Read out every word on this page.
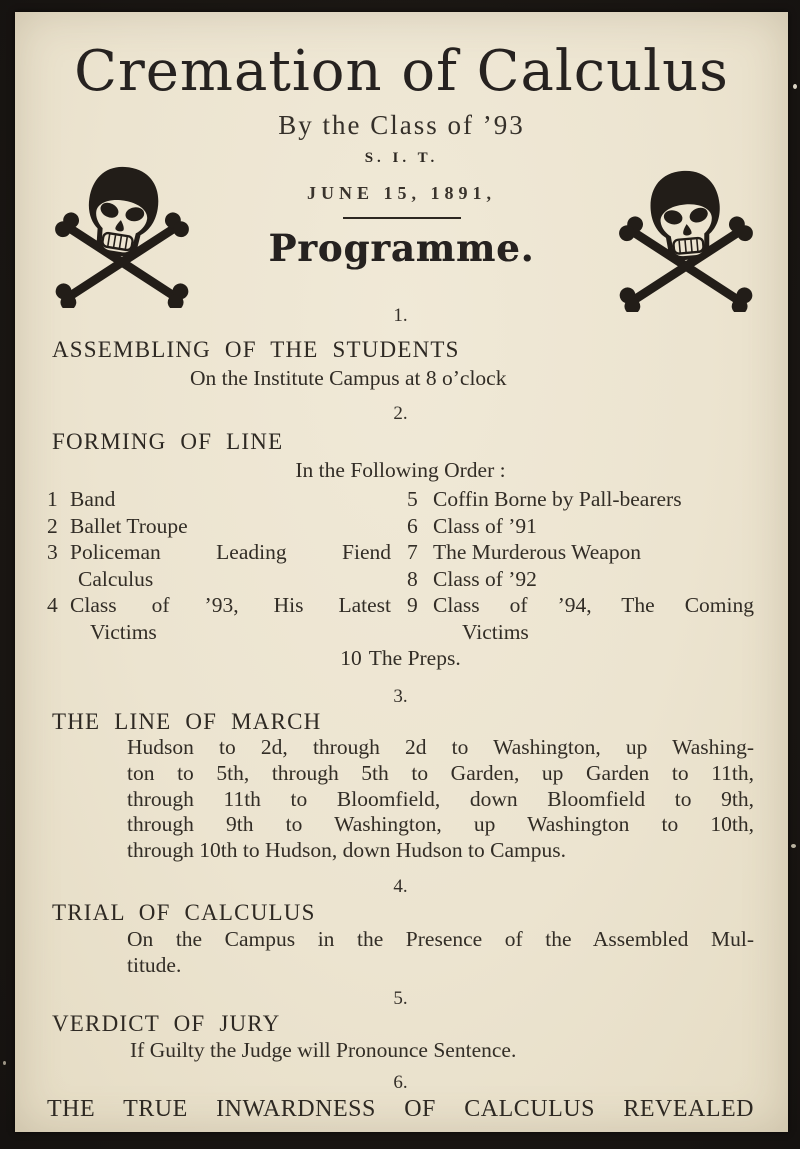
Cremation of Calculus
By the Class of ’93
S. I. T.
JUNE 15, 1891,
Programme.
1.
ASSEMBLING OF THE STUDENTS

On the Institute Campus at 8 o’clock

2.
FORMING OF LINE
In the Following Order :
1 Band
2 Ballet Troupe
3 Policeman Leading Fiend
Calculus
4 Class of ’93, His Latest
Victims
5 Coffin Borne by Pall-bearers
6 Class of ’91
7 The Murderous Weapon
8 Class of ’92
9 Class of ’94, The Coming
Victims
10 The Preps.
3.
THE LINE OF MARCH

Hudson to 2d, through 2d to Washington, up Washing-
ton to 5th, through 5th to Garden, up Garden to 11th,
through 11th to Bloomfield, down Bloomfield to 9th,
through 9th to Washington, up Washington to 10th,
through 10th to Hudson, down Hudson to Campus.

4.
TRIAL OF CALCULUS

On the Campus in the Presence of the Assembled Mul-
titude.

5.
VERDICT OF JURY

If Guilty the Judge will Pronounce Sentence.

6.
THE TRUE INWARDNESS OF CALCULUS REVEALED
